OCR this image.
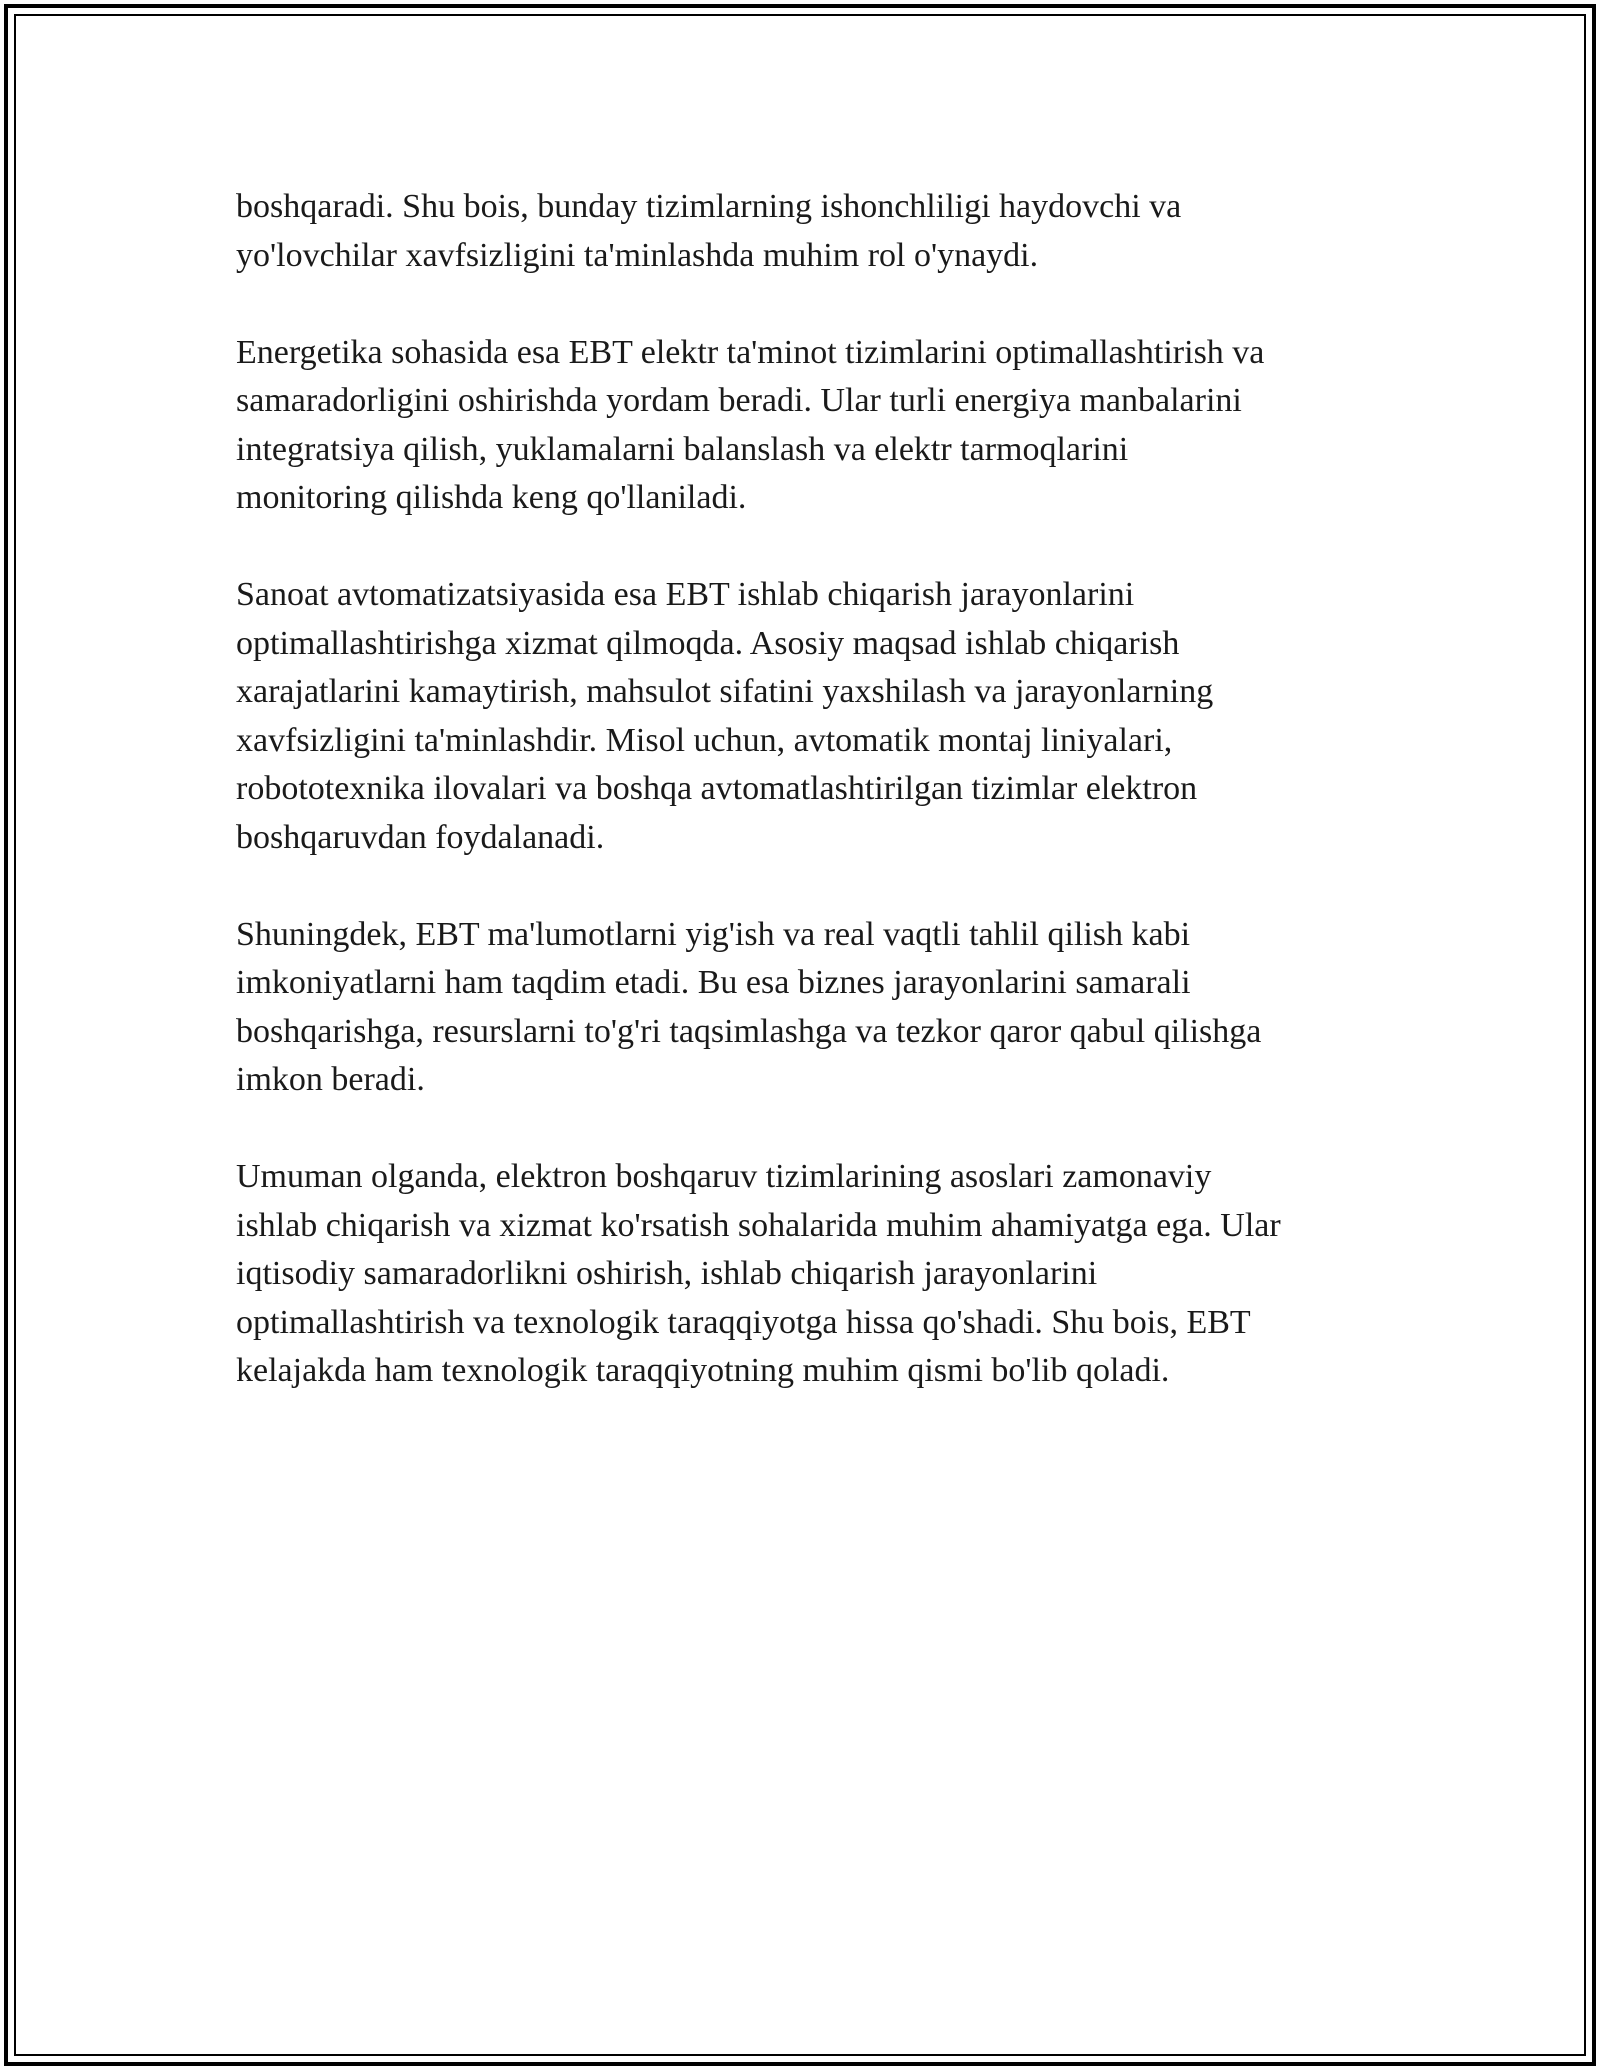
boshqaradi. Shu bois, bunday tizimlarning ishonchliligi haydovchi va
yo'lovchilar xavfsizligini ta'minlashda muhim rol o'ynaydi.

Energetika sohasida esa EBT elektr ta'minot tizimlarini optimallashtirish va
samaradorligini oshirishda yordam beradi. Ular turli energiya manbalarini
integratsiya qilish, yuklamalarni balanslash va elektr tarmoqlarini
monitoring qilishda keng qo'llaniladi.

Sanoat avtomatizatsiyasida esa EBT ishlab chiqarish jarayonlarini
optimallashtirishga xizmat qilmoqda. Asosiy maqsad ishlab chiqarish
xarajatlarini kamaytirish, mahsulot sifatini yaxshilash va jarayonlarning
xavfsizligini ta'minlashdir. Misol uchun, avtomatik montaj liniyalari,
robototexnika ilovalari va boshqa avtomatlashtirilgan tizimlar elektron
boshqaruvdan foydalanadi.

Shuningdek, EBT ma'lumotlarni yig'ish va real vaqtli tahlil qilish kabi
imkoniyatlarni ham taqdim etadi. Bu esa biznes jarayonlarini samarali
boshqarishga, resurslarni to'g'ri taqsimlashga va tezkor qaror qabul qilishga
imkon beradi.

Umuman olganda, elektron boshqaruv tizimlarining asoslari zamonaviy
ishlab chiqarish va xizmat ko'rsatish sohalarida muhim ahamiyatga ega. Ular
iqtisodiy samaradorlikni oshirish, ishlab chiqarish jarayonlarini
optimallashtirish va texnologik taraqqiyotga hissa qo'shadi. Shu bois, EBT
kelajakda ham texnologik taraqqiyotning muhim qismi bo'lib qoladi.
